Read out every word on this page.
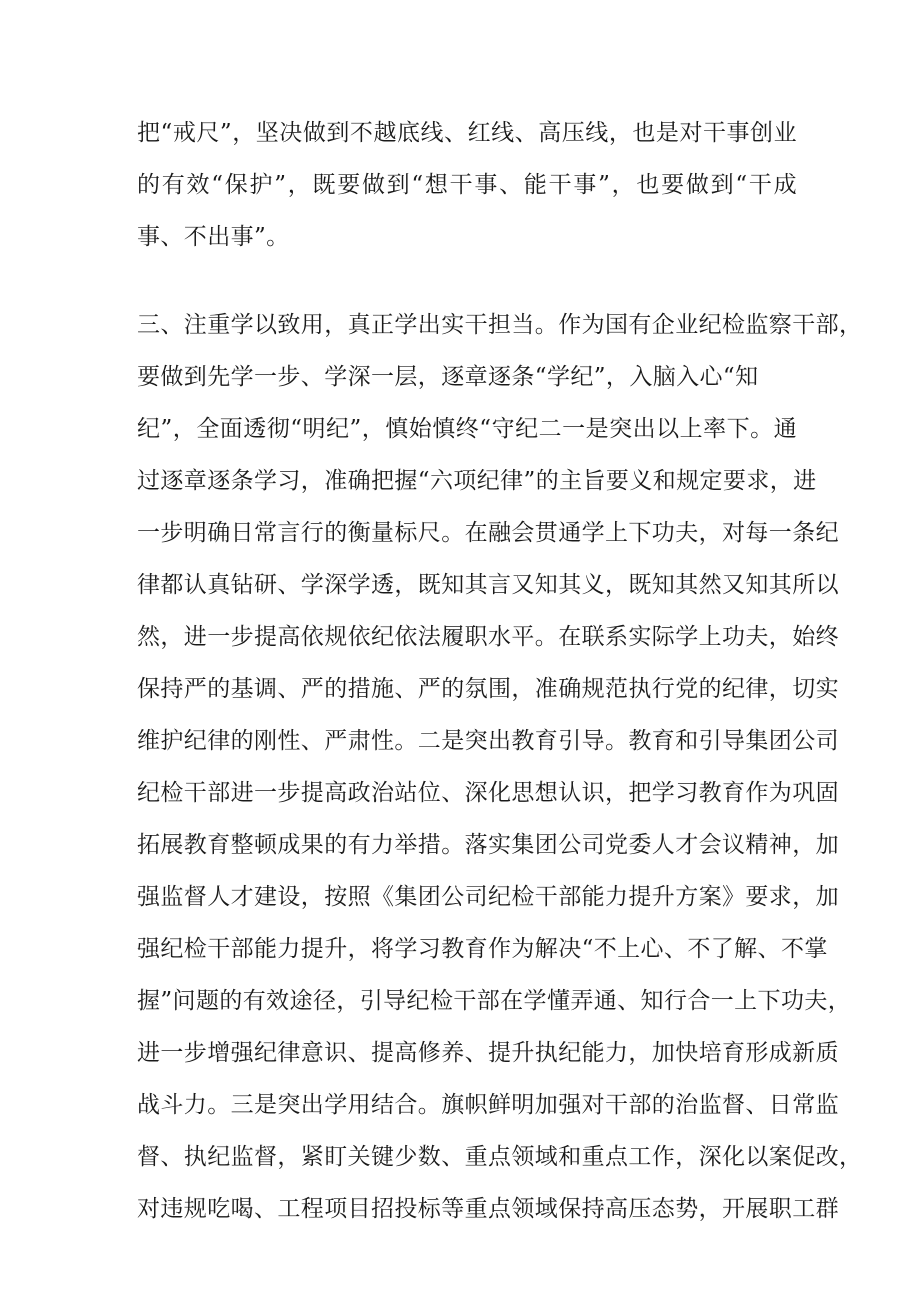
把“戒尺”，坚决做到不越底线、红线、高压线，也是对干事创业

的有效“保护”，既要做到“想干事、能干事”，也要做到“干成

事、不出事”。

三、注重学以致用，真正学出实干担当。作为国有企业纪检监察干部，

要做到先学一步、学深一层，逐章逐条“学纪”，入脑入心“知

纪”，全面透彻“明纪”，慎始慎终“守纪二一是突出以上率下。通

过逐章逐条学习，准确把握“六项纪律”的主旨要义和规定要求，进

一步明确日常言行的衡量标尺。在融会贯通学上下功夫，对每一条纪

律都认真钻研、学深学透，既知其言又知其义，既知其然又知其所以

然，进一步提高依规依纪依法履职水平。在联系实际学上功夫，始终

保持严的基调、严的措施、严的氛围，准确规范执行党的纪律，切实

维护纪律的刚性、严肃性。二是突出教育引导。教育和引导集团公司

纪检干部进一步提高政治站位、深化思想认识，把学习教育作为巩固

拓展教育整顿成果的有力举措。落实集团公司党委人才会议精神，加

强监督人才建设，按照《集团公司纪检干部能力提升方案》要求，加

强纪检干部能力提升，将学习教育作为解决“不上心、不了解、不掌

握”问题的有效途径，引导纪检干部在学懂弄通、知行合一上下功夫，

进一步增强纪律意识、提高修养、提升执纪能力，加快培育形成新质

战斗力。三是突出学用结合。旗帜鲜明加强对干部的治监督、日常监

督、执纪监督，紧盯关键少数、重点领域和重点工作，深化以案促改，

对违规吃喝、工程项目招投标等重点领域保持高压态势，开展职工群
